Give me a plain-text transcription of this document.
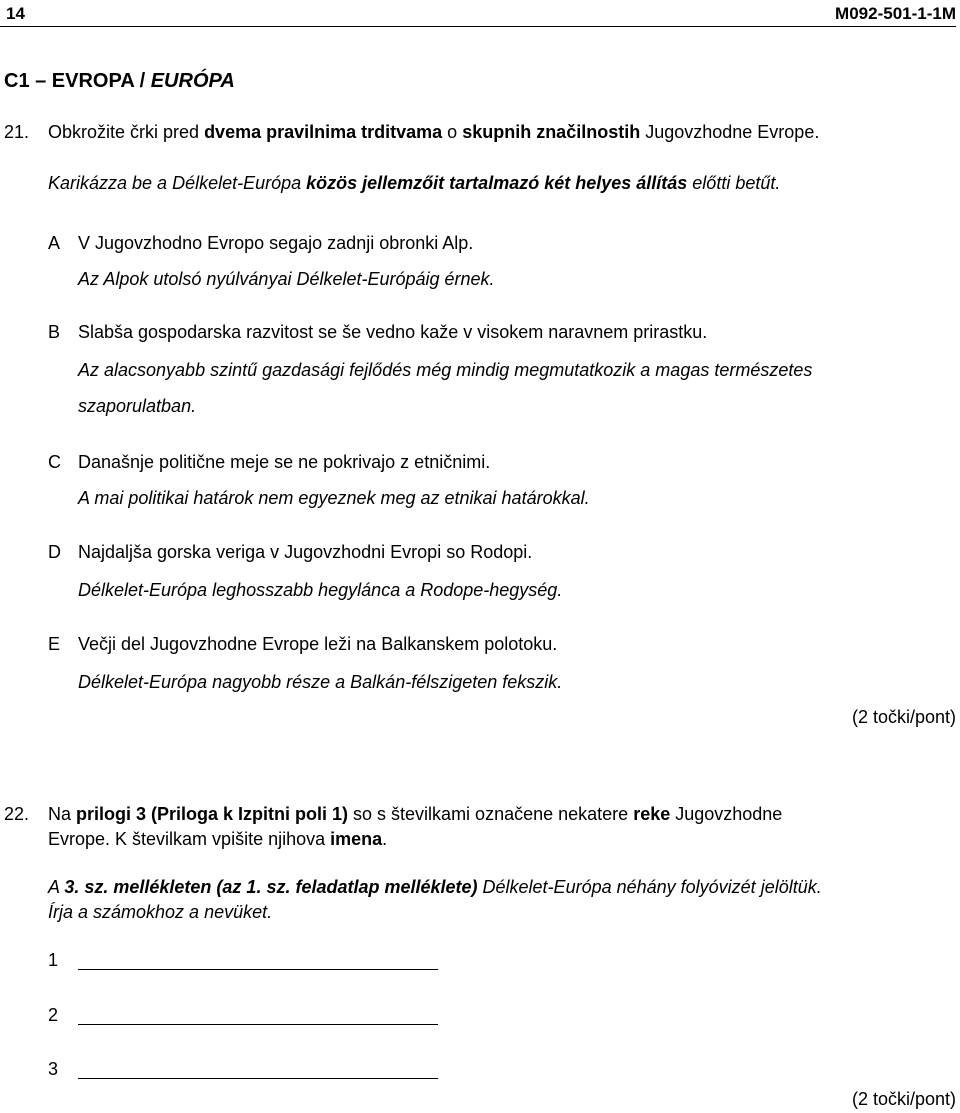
14	M092-501-1-1M
C1 – EVROPA / EURÓPA
21. Obkrožite črki pred dvema pravilnima trditvama o skupnih značilnostih Jugovzhodne Evrope.
Karikázza be a Délkelet-Európa közös jellemzőit tartalmazó két helyes állítás előtti betűt.
A V Jugovzhodno Evropo segajo zadnji obronki Alp.
Az Alpok utolsó nyúlványai Délkelet-Európáig érnek.
B Slabša gospodarska razvitost se še vedno kaže v visokem naravnem prirastku.
Az alacsonyabb szintű gazdasági fejlődés még mindig megmutatkozik a magas természetes
szaporulatban.
C Današnje politične meje se ne pokrivajo z etničnimi.
A mai politikai határok nem egyeznek meg az etnikai határokkal.
D Najdaljša gorska veriga v Jugovzhodni Evropi so Rodopi.
Délkelet-Európa leghosszabb hegylánca a Rodope-hegység.
E Večji del Jugovzhodne Evrope leži na Balkanskem polotoku.
Délkelet-Európa nagyobb része a Balkán-félszigeten fekszik.
(2 točki/pont)
22. Na prilogi 3 (Priloga k Izpitni poli 1) so s številkami označene nekatere reke Jugovzhodne
Evrope. K številkam vpišite njihova imena.
A 3. sz. mellékleten (az 1. sz. feladatlap melléklete) Délkelet-Európa néhány folyóvizét jelöltük.
Írja a számokhoz a nevüket.
1
2
3
(2 točki/pont)
